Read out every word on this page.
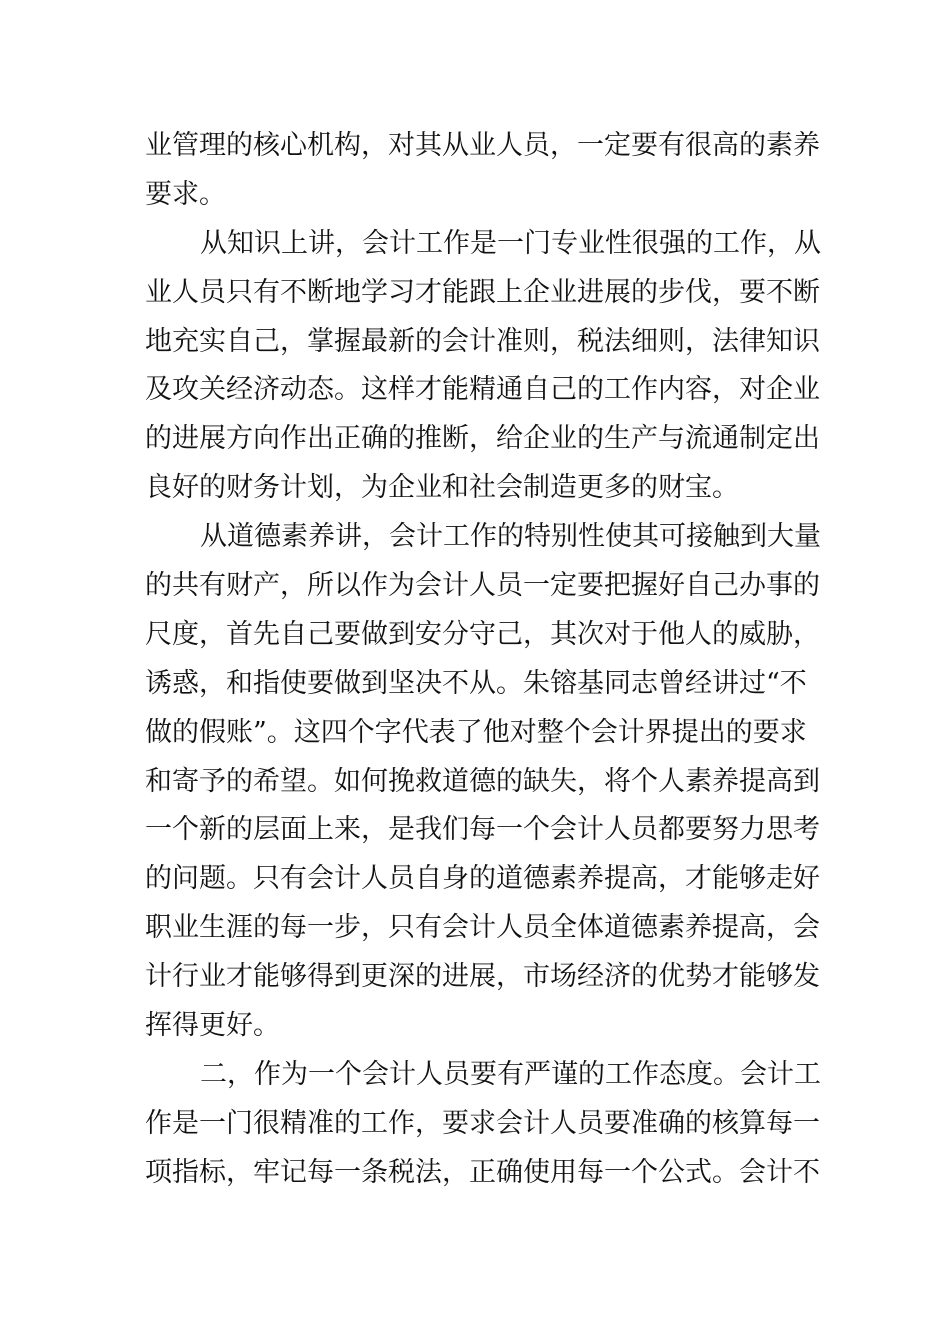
业管理的核心机构，对其从业人员，一定要有很高的素养
要求。
从知识上讲，会计工作是一门专业性很强的工作，从
业人员只有不断地学习才能跟上企业进展的步伐，要不断
地充实自己，掌握最新的会计准则，税法细则，法律知识
及攻关经济动态。这样才能精通自己的工作内容，对企业
的进展方向作出正确的推断，给企业的生产与流通制定出
良好的财务计划，为企业和社会制造更多的财宝。
从道德素养讲，会计工作的特别性使其可接触到大量
的共有财产，所以作为会计人员一定要把握好自己办事的
尺度，首先自己要做到安分守己，其次对于他人的威胁，
诱惑，和指使要做到坚决不从。朱镕基同志曾经讲过“不
做的假账”。这四个字代表了他对整个会计界提出的要求
和寄予的希望。如何挽救道德的缺失，将个人素养提高到
一个新的层面上来，是我们每一个会计人员都要努力思考
的问题。只有会计人员自身的道德素养提高，才能够走好
职业生涯的每一步，只有会计人员全体道德素养提高，会
计行业才能够得到更深的进展，市场经济的优势才能够发
挥得更好。
二，作为一个会计人员要有严谨的工作态度。会计工
作是一门很精准的工作，要求会计人员要准确的核算每一
项指标，牢记每一条税法，正确使用每一个公式。会计不
